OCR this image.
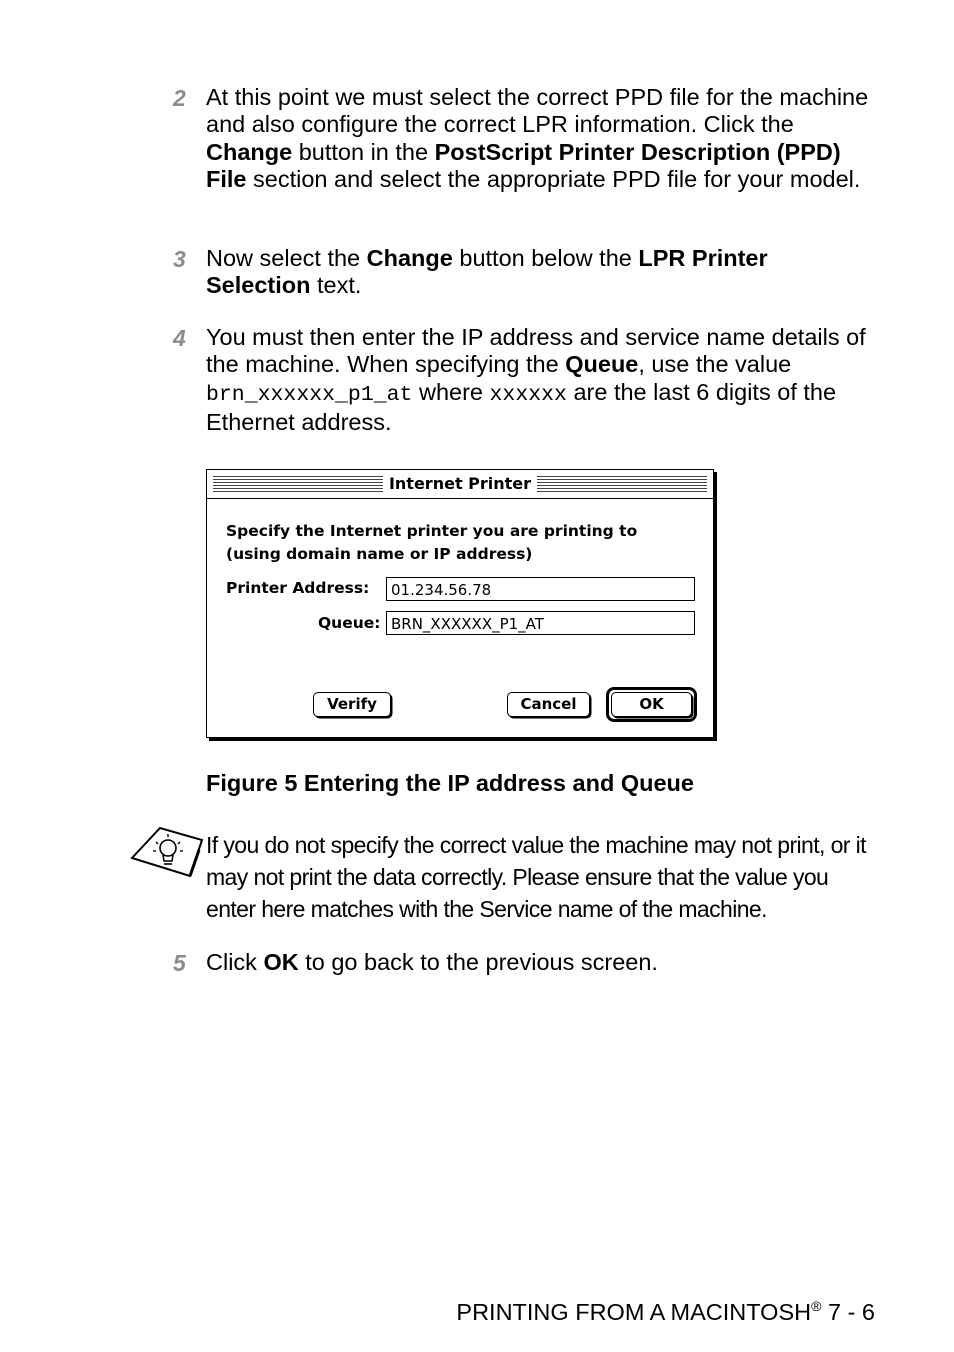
2 At this point we must select the correct PPD file for the machine and also configure the correct LPR information. Click the Change button in the PostScript Printer Description (PPD) File section and select the appropriate PPD file for your model.
3 Now select the Change button below the LPR Printer Selection text.
4 You must then enter the IP address and service name details of the machine. When specifying the Queue, use the value brn_xxxxxx_p1_at where xxxxxx are the last 6 digits of the Ethernet address.
Internet Printer
Specify the Internet printer you are printing to
(using domain name or IP address)
Printer Address:	01.234.56.78
Queue: BRN_XXXXXX_P1_AT
Verify	Cancel	OK
Figure 5 Entering the IP address and Queue
If you do not specify the correct value the machine may not print, or it may not print the data correctly. Please ensure that the value you enter here matches with the Service name of the machine.
5 Click OK to go back to the previous screen.
PRINTING FROM A MACINTOSH® 7 - 6
